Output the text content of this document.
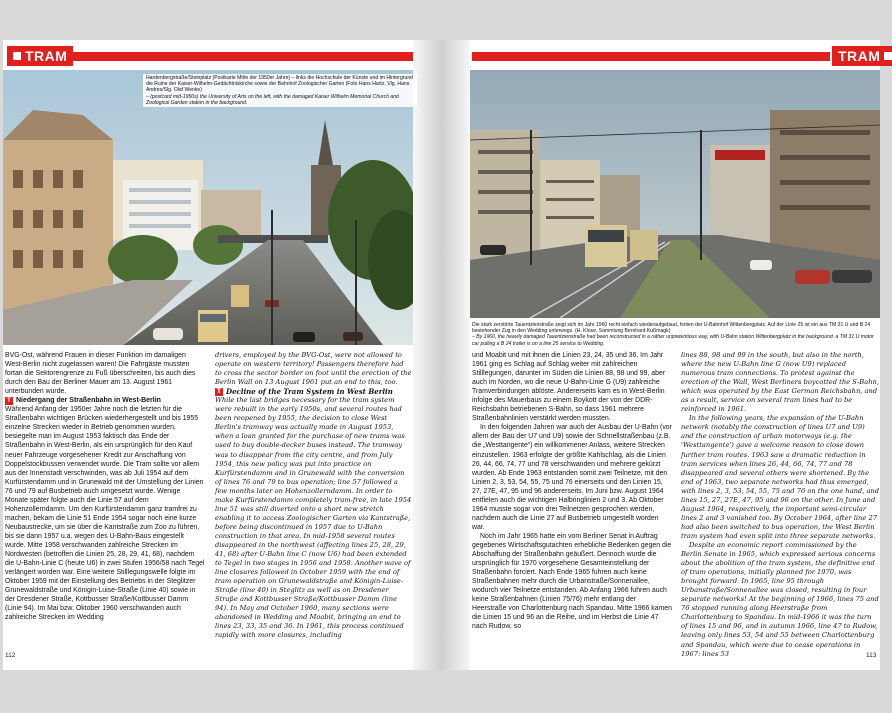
TRAM
Hardenbergstraße/Steinplatz (Postkarte Mitte der 1950er Jahre) – links die Hochschule der Künste und im Hintergrund die Ruine der Kaiser-Wilhelm-Gedächtniskirche sowie der Bahnhof Zoologischer Garten (Foto Hans Hartz, Vlg. Hans Andres/Slg. Olaf Wenke)
– (postcard mid-1950s) the University of Arts on the left, with the damaged Kaiser Wilhelm Memorial Church and Zoological Garden station in the background.

BVG-Ost, während Frauen in dieser Funktion im damaligen West-Berlin nicht zugelassen waren! Die Fahrgäste mussten fortan die Sektorengrenze zu Fuß überschreiten, bis auch dies durch den Bau der Berliner Mauer am 13. August 1961 unterbunden wurde.

T Niedergang der Straßenbahn in West-Berlin

Während Anfang der 1950er Jahre noch die letzten für die Straßenbahn wichtigen Brücken wiederhergestellt und bis 1955 einzelne Strecken wieder in Betrieb genommen wurden, besiegelte man im August 1953 faktisch das Ende der Straßenbahn in West-Berlin, als ein ursprünglich für den Kauf neuer Fahrzeuge vorgesehener Kredit zur Anschaffung von Doppelstockbussen verwendet wurde. Die Tram sollte vor allem aus der Innenstadt verschwinden, was ab Juli 1954 auf dem Kurfürstendamm und in Grunewald mit der Umstellung der Linien 76 und 79 auf Busbetrieb auch umgesetzt wurde. Wenige Monate später folgte auch die Linie 57 auf dem Hohenzollerndamm. Um den Kurfürstendamm ganz tramfrei zu machen, bekam die Linie 51 Ende 1954 sogar noch eine kurze Neubaustrecke, um sie über die Kantstraße zum Zoo zu führen, bis sie dann 1957 u.a. wegen des U-Bahn-Baus eingestellt wurde. Mitte 1958 verschwanden zahlreiche Strecken im Nordwesten (betroffen die Linien 25, 28, 29, 41, 68), nachdem die U-Bahn-Linie C (heute U6) in zwei Stufen 1956/58 nach Tegel verlängert worden war. Eine weitere Stilllegungswelle folgte im Oktober 1959 mit der Einstellung des Betriebs in der Steglitzer Grunewaldstraße und Königin-Luise-Straße (Linie 40) sowie in der Dresdener Straße, Kottbusser Straße/Kottbusser Damm (Linie 94). Im Mai bzw. Oktober 1960 verschwanden auch zahlreiche Strecken im Wedding

drivers, employed by the BVG-Ost, were not allowed to operate on western territory! Passengers therefore had to cross the sector border on foot until the erection of the Berlin Wall on 13 August 1961 put an end to this, too.

T Decline of the Tram System in West Berlin

While the last bridges necessary for the tram system were rebuilt in the early 1950s, and several routes had been reopened by 1955, the decision to close West Berlin's tramway was actually made in August 1953, when a loan granted for the purchase of new trams was used to buy double-decker buses instead. The tramway was to disappear from the city centre, and from July 1954, this new policy was put into practice on Kurfürstendamm and in Grunewald with the conversion of lines 76 and 79 to bus operation; line 57 followed a few months later on Hohenzollerndamm. In order to make Kurfürstendamm completely tram-free, in late 1954 line 51 was still diverted onto a short new stretch enabling it to access Zoologischer Garten via Kantstraße, before being discontinued in 1957 due to U-Bahn construction in that area. In mid-1958 several routes disappeared in the northwest (affecting lines 25, 28, 29, 41, 68) after U-Bahn line C (now U6) had been extended to Tegel in two stages in 1956 and 1958. Another wave of line closures followed in October 1959 with the end of tram operation on Grunewaldstraße and Königin-Luise-Straße (line 40) in Steglitz as well as on Dresdener Straße and Kottbusser Straße/Kottbusser Damm (line 94). In May and October 1960, many sections were abandoned in Wedding and Moabit, bringing an end to lines 23, 33, 35 and 36. In 1961, this process continued rapidly with more closures, including

112
TRAM
Die stark zerstörte Tauentzienstraße zeigt sich im Jahr 1960 recht einfach wiederaufgebaut, hinten der U-Bahnhof Wittenbergplatz. Auf der Linie 25 ist ein aus TM 31 U und B 24 bestehender Zug in den Wedding unterwegs. (H. Klose, Sammlung Bernhard Kußmagk)
– By 1960, the heavily damaged Tauentzienstraße had been reconstructed in a rather unpretentious way, with U-Bahn station Wittenbergplatz in the background. a TM 31 U motor car pulling a B 24 trailer is on a line 25 service to Wedding.

und Moabit und mit ihnen die Linien 23, 24, 35 und 36. Im Jahr 1961 ging es Schlag auf Schlag weiter mit zahlreichen Stilllegungen, darunter im Süden die Linien 88, 98 und 99, aber auch im Norden, wo die neue U-Bahn-Linie G (U9) zahlreiche Tramverbindungen ablöste. Andererseits kam es in West-Berlin infolge des Mauerbaus zu einem Boykott der von der DDR-Reichsbahn betriebenen S-Bahn, so dass 1961 mehrere Straßenbahnlinien verstärkt werden mussten.

In den folgenden Jahren war auch der Ausbau der U-Bahn (vor allem der Bau der U7 und U9) sowie der Schnellstraßenbau (z.B. die „Westtangente“) ein willkommener Anlass, weitere Strecken einzustellen. 1963 erfolgte der größte Kahlschlag, als die Linien 26, 44, 66, 74, 77 und 78 verschwanden und mehrere gekürzt wurden. Ab Ende 1963 entstanden somit zwei Teilnetze, mit den Linien 2, 3, 53, 54, 55, 75 und 76 einerseits und den Linien 15, 27, 27E, 47, 95 und 96 andererseits. Im Juni bzw. August 1964 entfielen auch die wichtigen Halbringlinien 2 und 3. Ab Oktober 1964 musste sogar von drei Teilnetzen gesprochen werden, nachdem auch die Linie 27 auf Busbetrieb umgestellt worden war.

Noch im Jahr 1965 hatte ein vom Berliner Senat in Auftrag gegebenes Wirtschaftsgutachten erhebliche Bedenken gegen die Abschaffung der Straßenbahn geäußert. Dennoch wurde die ursprünglich für 1970 vorgesehene Gesamteinstellung der Straßenbahn forciert. Nach Ende 1965 fuhren auch keine Straßenbahnen mehr durch die Urbanstraße/Sonnenallee, wodurch vier Teilnetze entstanden. Ab Anfang 1966 fuhren auch keine Straßenbahnen (Linien 75/76) mehr entlang der Heerstraße von Charlottenburg nach Spandau. Mitte 1966 kamen die Linien 15 und 96 an die Reihe, und im Herbst die Linie 47 nach Rudow, so

lines 88, 98 and 99 in the south, but also in the north, where the new U-Bahn line G (now U9) replaced numerous tram connections. To protest against the erection of the Wall, West Berliners boycotted the S-Bahn, which was operated by the East German Reichsbahn, and as a result, service on several tram lines had to be reinforced in 1961.

In the following years, the expansion of the U-Bahn network (notably the construction of lines U7 and U9) and the construction of urban motorways (e.g. the 'Westtangente') gave a welcome reason to close down further tram routes. 1963 saw a dramatic reduction in tram services when lines 26, 44, 66, 74, 77 and 78 disappeared and several others were shortened. By the end of 1963, two separate networks had thus emerged, with lines 2, 3, 53, 54, 55, 75 and 76 on the one hand, and lines 15, 27, 27E, 47, 95 and 96 on the other. In June and August 1964, respectively, the important semi-circular lines 2 and 3 vanished too. By October 1964, after line 27 had also been switched to bus operation, the West Berlin tram system had even split into three separate networks.

Despite an economic report commissioned by the Berlin Senate in 1965, which expressed serious concerns about the abolition of the tram system, the definitive end of tram operations, initially planned for 1970, was brought forward. In 1965, line 95 through Urbanstraße/Sonnenallee was closed, resulting in four separate networks! At the beginning of 1966, lines 75 and 76 stopped running along Heerstraße from Charlottenburg to Spandau. In mid-1966 it was the turn of lines 15 and 96, and in autumn 1966, line 47 to Rudow, leaving only lines 53, 54 and 55 between Charlottenburg and Spandau, which were due to cease operations in 1967: lines 53	113
